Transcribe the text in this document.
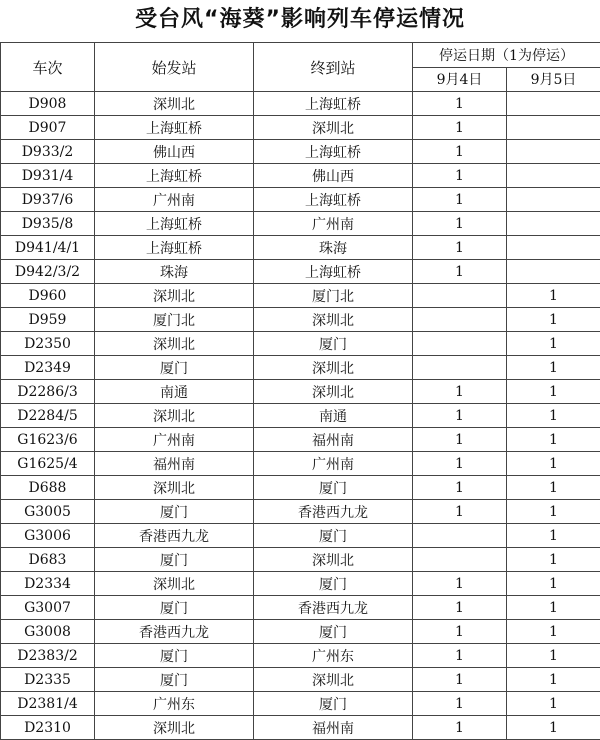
受台风“海葵”影响列车停运情况
车次	始发站	终到站	停运日期（1为停运）	
			9月4日	9月5日
D908	深圳北	上海虹桥	1	
D907	上海虹桥	深圳北	1	
D933/2	佛山西	上海虹桥	1	
D931/4	上海虹桥	佛山西	1	
D937/6	广州南	上海虹桥	1	
D935/8	上海虹桥	广州南	1	
D941/4/1	上海虹桥	珠海	1	
D942/3/2	珠海	上海虹桥	1	
D960	深圳北	厦门北		1
D959	厦门北	深圳北		1
D2350	深圳北	厦门		1
D2349	厦门	深圳北		1
D2286/3	南通	深圳北	1	1
D2284/5	深圳北	南通	1	1
G1623/6	广州南	福州南	1	1
G1625/4	福州南	广州南	1	1
D688	深圳北	厦门	1	1
G3005	厦门	香港西九龙	1	1
G3006	香港西九龙	厦门		1
D683	厦门	深圳北		1
D2334	深圳北	厦门	1	1
G3007	厦门	香港西九龙	1	1
G3008	香港西九龙	厦门	1	1
D2383/2	厦门	广州东	1	1
D2335	厦门	深圳北	1	1
D2381/4	广州东	厦门	1	1
D2310	深圳北	福州南	1	1
